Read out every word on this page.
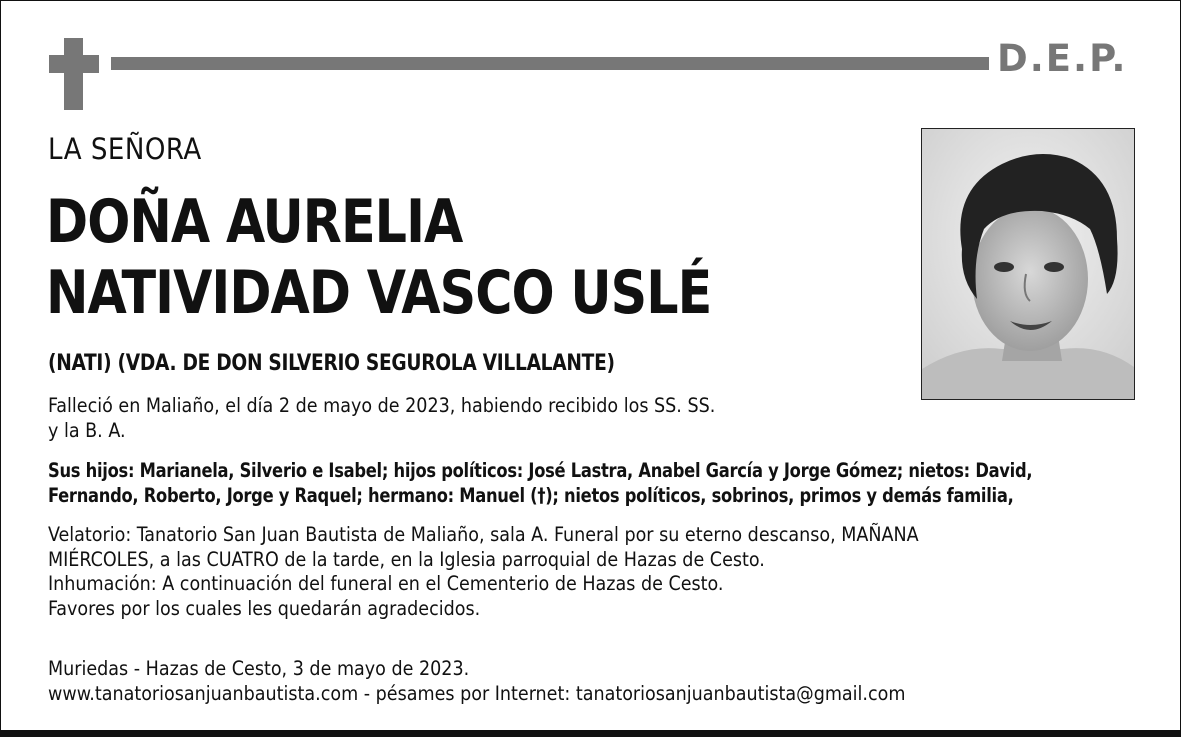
D.E.P.
LA SEÑORA
DOÑA AURELIA
NATIVIDAD VASCO USLÉ
(NATI) (VDA. DE DON SILVERIO SEGUROLA VILLALANTE)
Falleció en Maliaño, el día 2 de mayo de 2023, habiendo recibido los SS. SS.
y la B. A.
Sus hijos: Marianela, Silverio e Isabel; hijos políticos: José Lastra, Anabel García y Jorge Gómez; nietos: David,
Fernando, Roberto, Jorge y Raquel; hermano: Manuel (†); nietos políticos, sobrinos, primos y demás familia,
Velatorio: Tanatorio San Juan Bautista de Maliaño, sala A. Funeral por su eterno descanso, MAÑANA
MIÉRCOLES, a las CUATRO de la tarde, en la Iglesia parroquial de Hazas de Cesto.
Inhumación: A continuación del funeral en el Cementerio de Hazas de Cesto.
Favores por los cuales les quedarán agradecidos.
Muriedas - Hazas de Cesto, 3 de mayo de 2023.
www.tanatoriosanjuanbautista.com - pésames por Internet: tanatoriosanjuanbautista@gmail.com
